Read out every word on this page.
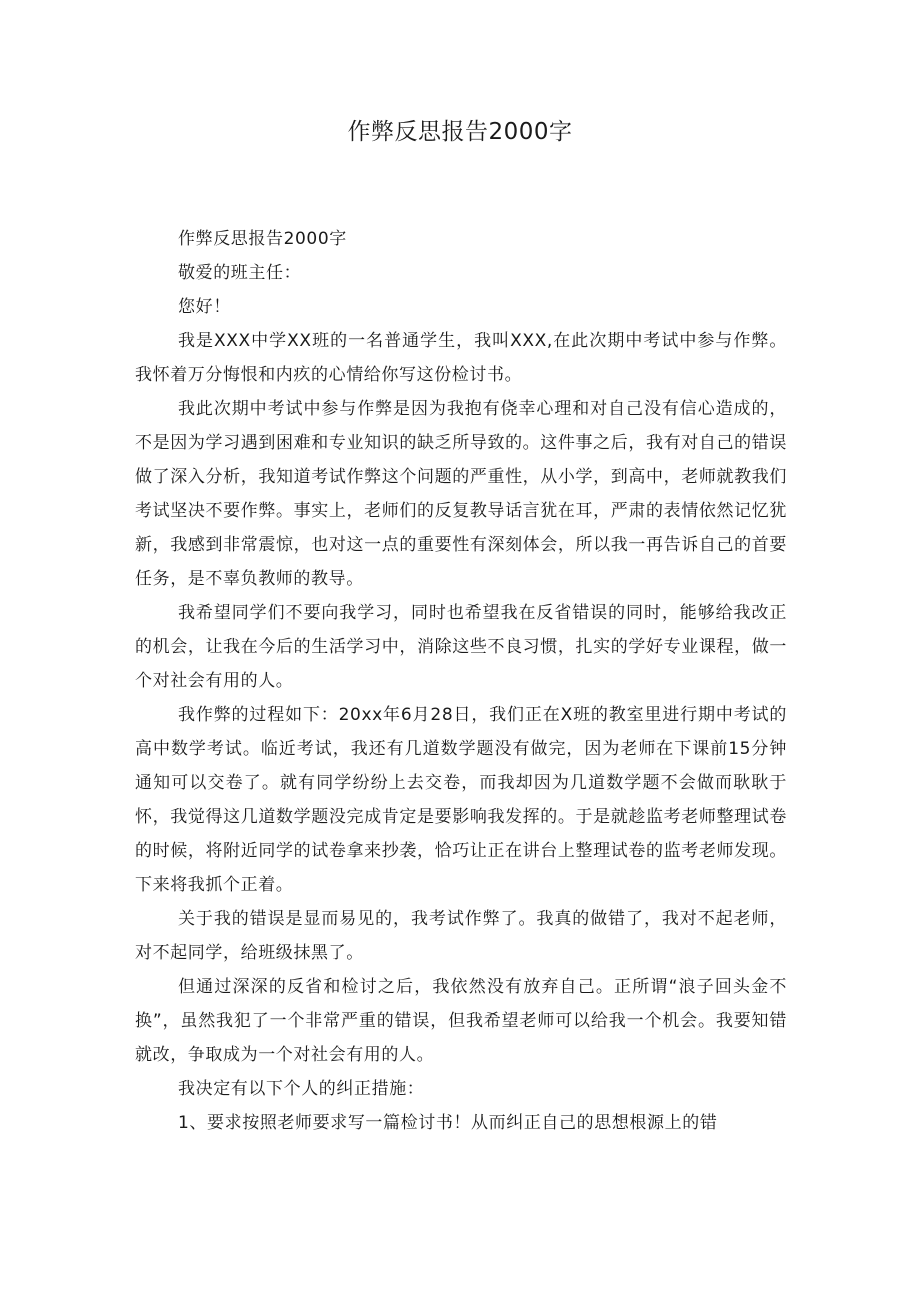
作弊反思报告2000字

作弊反思报告2000字

敬爱的班主任：

您好！

我是XXX中学XX班的一名普通学生，我叫XXX,在此次期中考试中参与作弊。我怀着万分悔恨和内疚的心情给你写这份检讨书。

我此次期中考试中参与作弊是因为我抱有侥幸心理和对自己没有信心造成的，不是因为学习遇到困难和专业知识的缺乏所导致的。这件事之后，我有对自己的错误做了深入分析，我知道考试作弊这个问题的严重性，从小学，到高中，老师就教我们考试坚决不要作弊。事实上，老师们的反复教导话言犹在耳，严肃的表情依然记忆犹新，我感到非常震惊，也对这一点的重要性有深刻体会，所以我一再告诉自己的首要任务，是不辜负教师的教导。

我希望同学们不要向我学习，同时也希望我在反省错误的同时，能够给我改正的机会，让我在今后的生活学习中，消除这些不良习惯，扎实的学好专业课程，做一个对社会有用的人。

我作弊的过程如下：20xx年6月28日，我们正在X班的教室里进行期中考试的高中数学考试。临近考试，我还有几道数学题没有做完，因为老师在下课前15分钟通知可以交卷了。就有同学纷纷上去交卷，而我却因为几道数学题不会做而耿耿于怀，我觉得这几道数学题没完成肯定是要影响我发挥的。于是就趁监考老师整理试卷的时候，将附近同学的试卷拿来抄袭，恰巧让正在讲台上整理试卷的监考老师发现。下来将我抓个正着。

关于我的错误是显而易见的，我考试作弊了。我真的做错了，我对不起老师，对不起同学，给班级抹黑了。

但通过深深的反省和检讨之后，我依然没有放弃自己。正所谓“浪子回头金不换”，虽然我犯了一个非常严重的错误，但我希望老师可以给我一个机会。我要知错就改，争取成为一个对社会有用的人。

我决定有以下个人的纠正措施：

1、要求按照老师要求写一篇检讨书！从而纠正自己的思想根源上的错
